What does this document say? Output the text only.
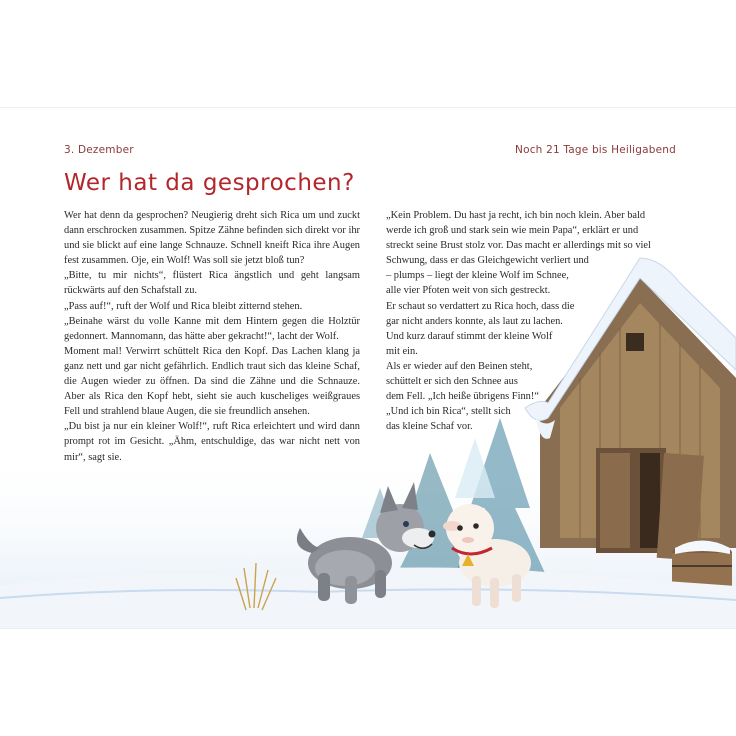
3. Dezember	Noch 21 Tage bis Heiligabend
Wer hat da gesprochen?

Wer hat denn da gesprochen? Neugierig dreht sich Rica um und zuckt dann erschrocken zusammen. Spitze Zähne befinden sich direkt vor ihr und sie blickt auf eine lange Schnauze. Schnell kneift Rica ihre Augen fest zusammen. Oje, ein Wolf! Was soll sie jetzt bloß tun?

„Bitte, tu mir nichts“, flüstert Rica ängstlich und geht langsam rückwärts auf den Schafstall zu.

„Pass auf!“, ruft der Wolf und Rica bleibt zitternd stehen.

„Beinahe wärst du volle Kanne mit dem Hintern gegen die Holztür gedonnert. Mannomann, das hätte aber gekracht!“, lacht der Wolf.

Moment mal! Verwirrt schüttelt Rica den Kopf. Das Lachen klang ja ganz nett und gar nicht gefährlich. Endlich traut sich das kleine Schaf, die Augen wieder zu öffnen. Da sind die Zähne und die Schnauze. Aber als Rica den Kopf hebt, sieht sie auch kuscheliges weißgraues Fell und strahlend blaue Augen, die sie freundlich ansehen.

„Du bist ja nur ein kleiner Wolf!“, ruft Rica erleichtert und wird dann prompt rot im Gesicht. „Ähm, entschuldige, das war nicht nett von mir“, sagt sie.

„Kein Problem. Du hast ja recht, ich bin noch klein. Aber bald

werde ich groß und stark sein wie mein Papa“, erklärt er und

streckt seine Brust stolz vor. Das macht er allerdings mit so viel

Schwung, dass er das Gleichgewicht verliert und

– plumps – liegt der kleine Wolf im Schnee,

alle vier Pfoten weit von sich gestreckt.

Er schaut so verdattert zu Rica hoch, dass die

gar nicht anders konnte, als laut zu lachen.

Und kurz darauf stimmt der kleine Wolf

mit ein.

Als er wieder auf den Beinen steht,

schüttelt er sich den Schnee aus

dem Fell. „Ich heiße übrigens Finn!“

„Und ich bin Rica“, stellt sich

das kleine Schaf vor.
